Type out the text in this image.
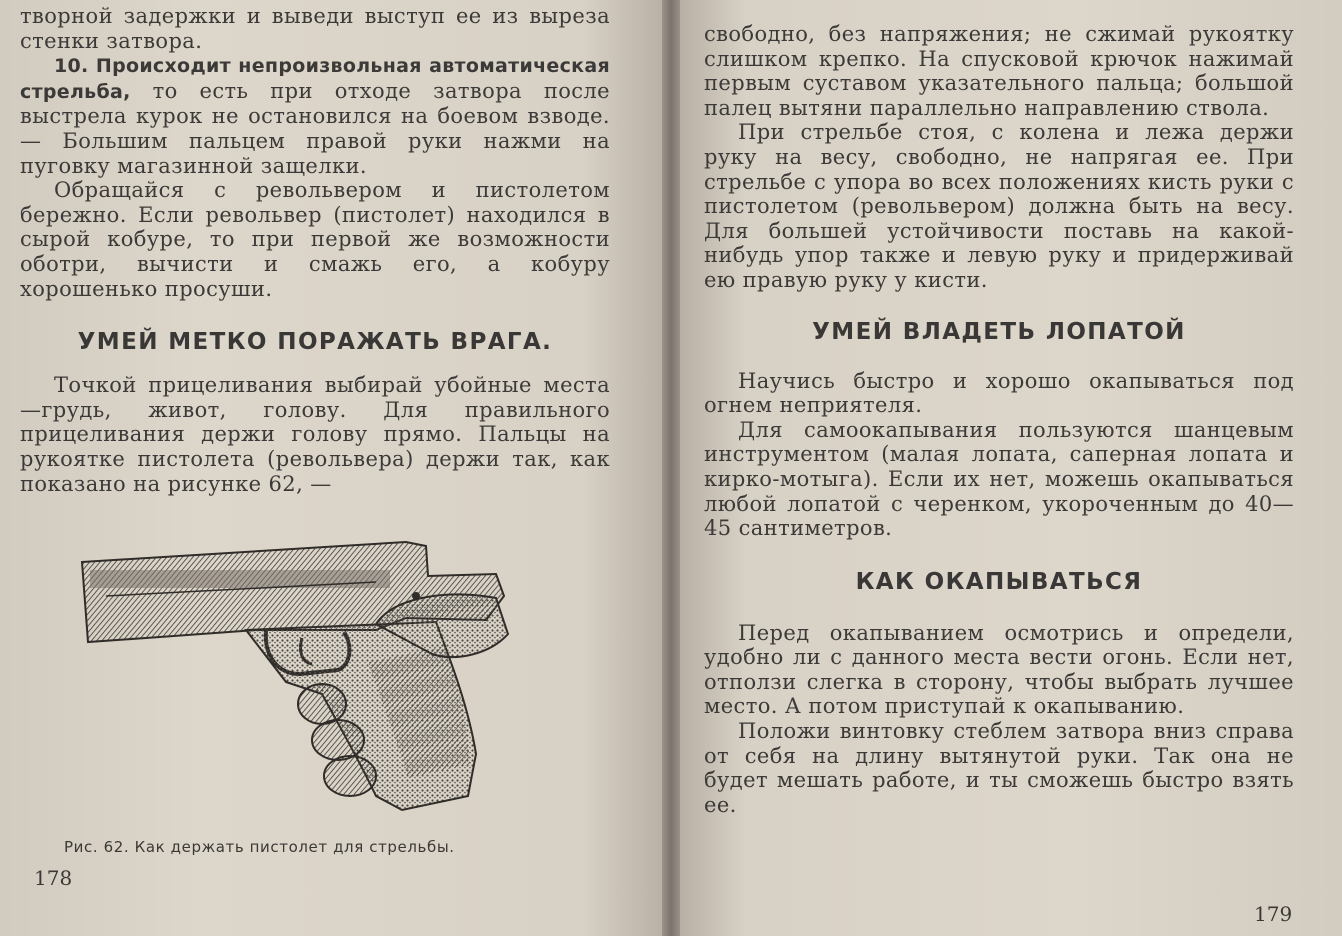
творной задержки и выведи выступ ее из выреза стенки затвора.

10. Происходит непроизвольная автоматическая стрельба, то есть при отходе затвора после выстрела курок не остановился на боевом взводе. — Большим пальцем правой руки нажми на пуговку магазинной защелки.

Обращайся с револьвером и пистолетом бережно. Если револьвер (пистолет) находился в сырой кобуре, то при первой же возможности оботри, вычисти и смажь его, а кобуру хорошенько просуши.

УМЕЙ МЕТКО ПОРАЖАТЬ ВРАГА.

Точкой прицеливания выбирай убойные места—грудь, живот, голову. Для правильного прицеливания держи голову прямо. Пальцы на рукоятке пистолета (револьвера) держи так, как показано на рисунке 62, —

Рис. 62. Как держать пистолет для стрельбы.
178

свободно, без напряжения; не сжимай рукоятку слишком крепко. На спусковой крючок нажимай первым суставом указательного пальца; большой палец вытяни параллельно направлению ствола.

При стрельбе стоя, с колена и лежа держи руку на весу, свободно, не напрягая ее. При стрельбе с упора во всех положениях кисть руки с пистолетом (револьвером) должна быть на весу. Для большей устойчивости поставь на какой-нибудь упор также и левую руку и придерживай ею правую руку у кисти.

УМЕЙ ВЛАДЕТЬ ЛОПАТОЙ

Научись быстро и хорошо окапываться под огнем неприятеля.

Для самоокапывания пользуются шанцевым инструментом (малая лопата, саперная лопата и кирко-мотыга). Если их нет, можешь окапываться любой лопатой с черенком, укороченным до 40—45 сантиметров.

КАК ОКАПЫВАТЬСЯ

Перед окапыванием осмотрись и определи, удобно ли с данного места вести огонь. Если нет, отползи слегка в сторону, чтобы выбрать лучшее место. А потом приступай к окапыванию.

Положи винтовку стеблем затвора вниз справа от себя на длину вытянутой руки. Так она не будет мешать работе, и ты сможешь быстро взять ее.

179
